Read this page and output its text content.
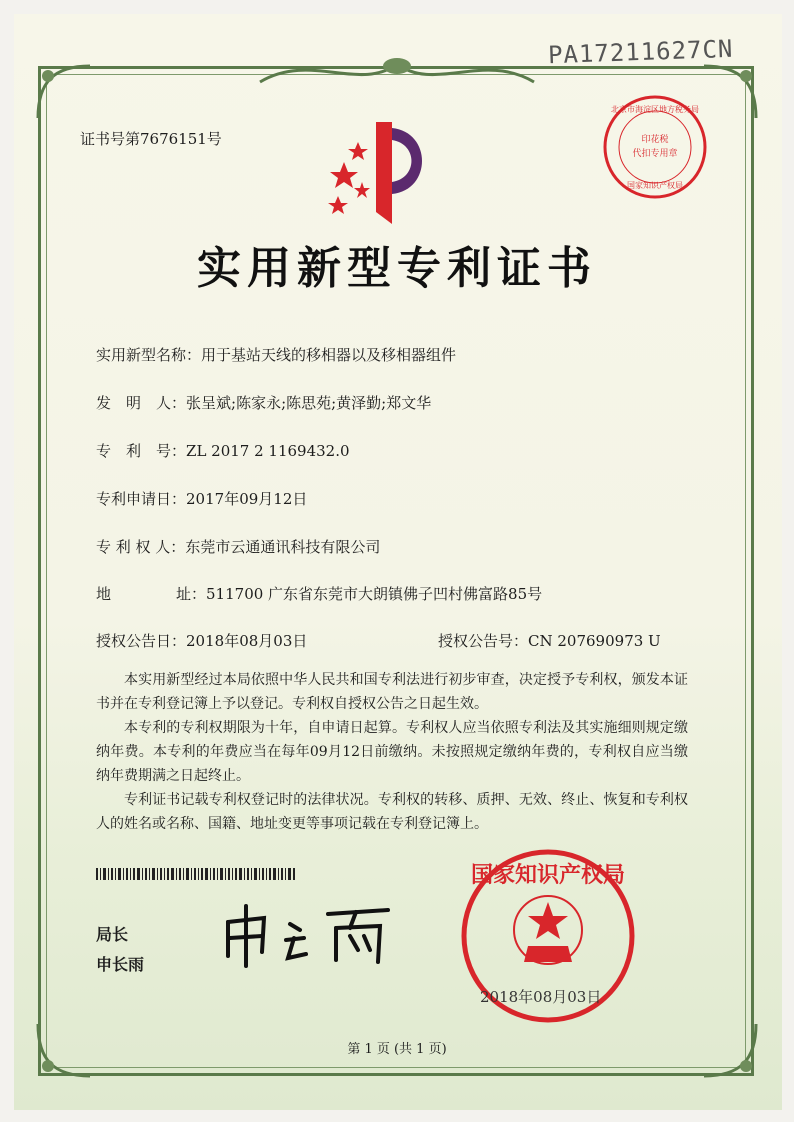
PA17211627CN
证书号第7676151号
北京市海淀区地方税务局
印花税
代扣专用章
国家知识产权局
实用新型专利证书
实用新型名称：用于基站天线的移相器以及移相器组件
发　明　人：张呈斌;陈家永;陈思苑;黄泽勤;郑文华
专　利　号：ZL 2017 2 1169432.0
专利申请日：2017年09月12日
专 利 权 人：东莞市云通通讯科技有限公司
地	址：511700 广东省东莞市大朗镇佛子凹村佛富路85号
授权公告日：2018年08月03日	授权公告号：CN 207690973 U
本实用新型经过本局依照中华人民共和国专利法进行初步审查，决定授予专利权，颁发本证书并在专利登记簿上予以登记。专利权自授权公告之日起生效。
本专利的专利权期限为十年，自申请日起算。专利权人应当依照专利法及其实施细则规定缴纳年费。本专利的年费应当在每年09月12日前缴纳。未按照规定缴纳年费的，专利权自应当缴纳年费期满之日起终止。
专利证书记载专利权登记时的法律状况。专利权的转移、质押、无效、终止、恢复和专利权人的姓名或名称、国籍、地址变更等事项记载在专利登记簿上。
局长
申长雨
国家知识产权局
2018年08月03日
第 1 页 (共 1 页)
